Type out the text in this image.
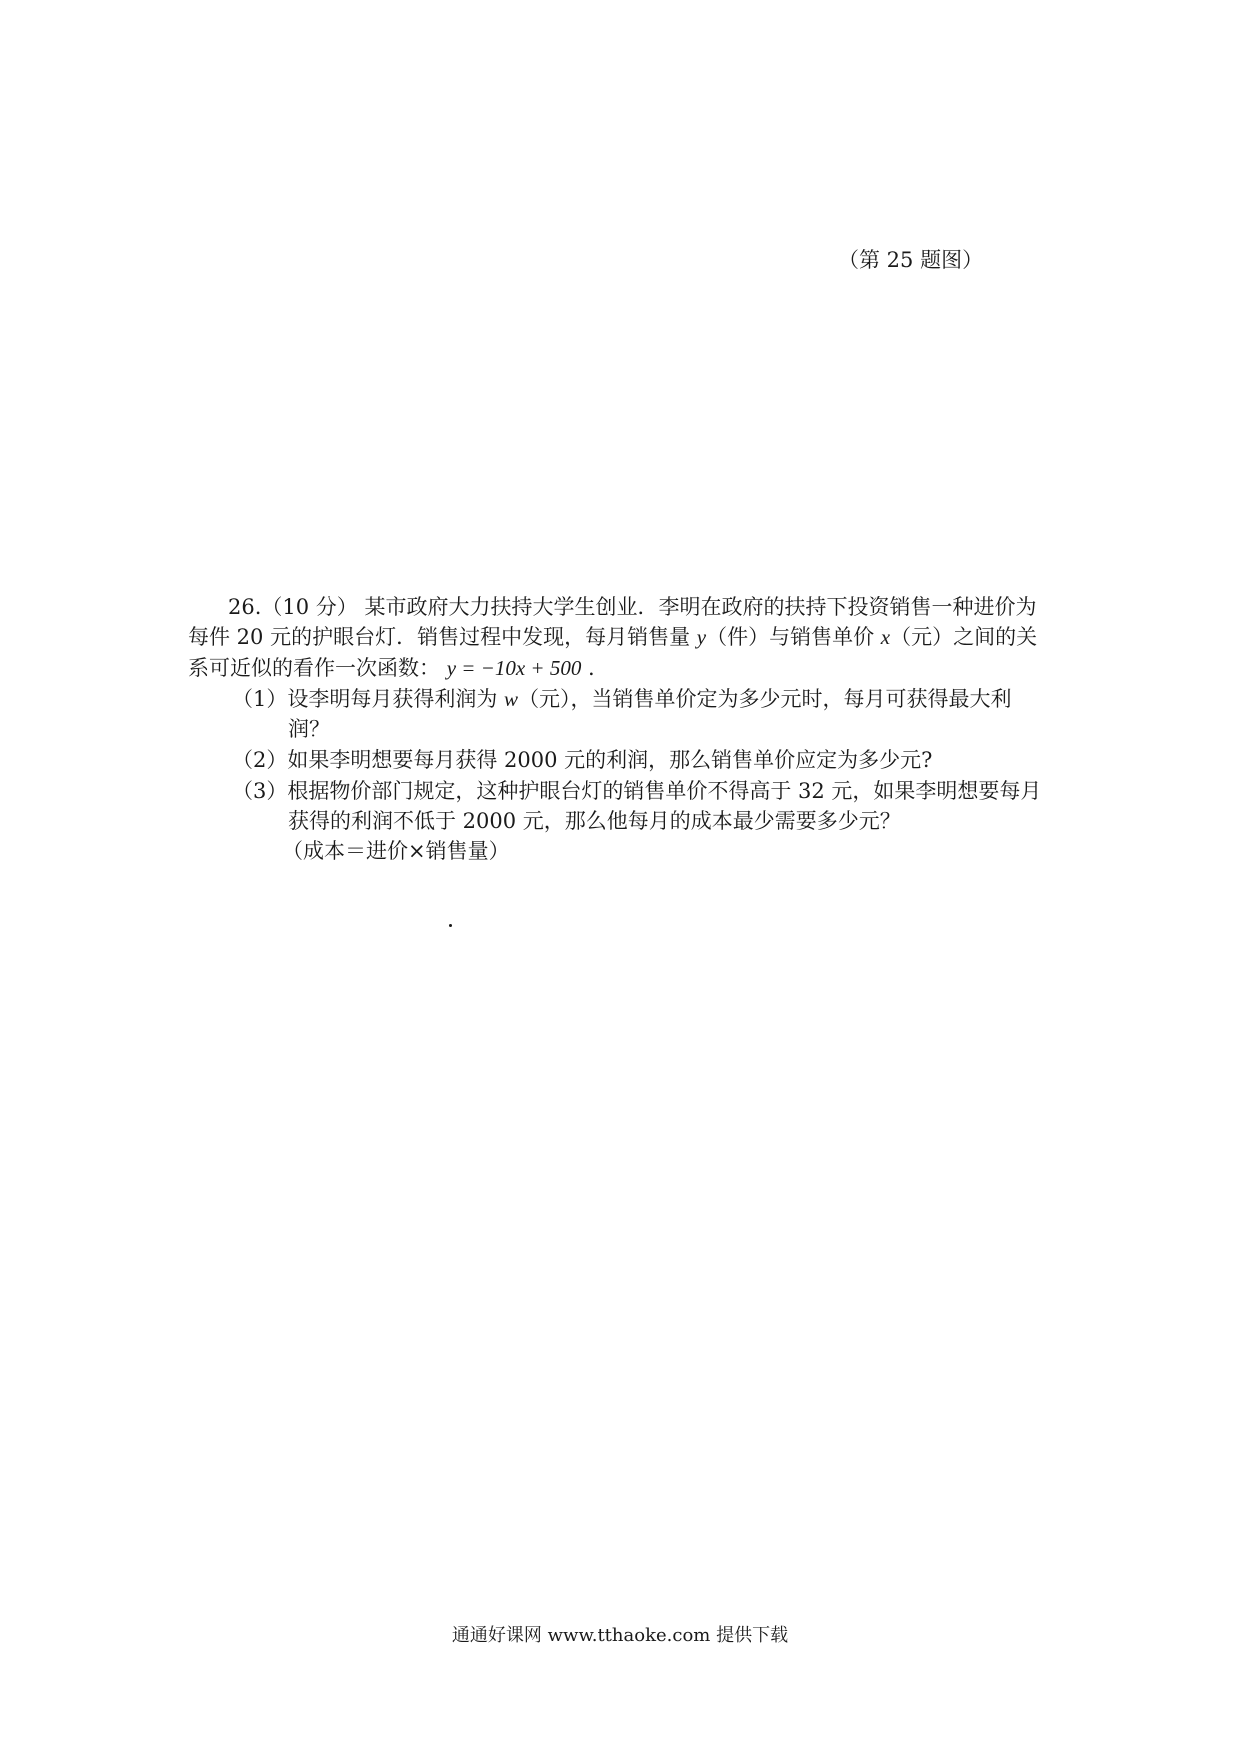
（第 25 题图）
26.（10 分） 某市政府大力扶持大学生创业．李明在政府的扶持下投资销售一种进价为
每件 20 元的护眼台灯．销售过程中发现，每月销售量 y（件）与销售单价 x（元）之间的关
系可近似的看作一次函数： y = −10x + 500 .
（1）设李明每月获得利润为 w（元），当销售单价定为多少元时，每月可获得最大利
润？
（2）如果李明想要每月获得 2000 元的利润，那么销售单价应定为多少元?
（3）根据物价部门规定，这种护眼台灯的销售单价不得高于 32 元，如果李明想要每月
获得的利润不低于 2000 元，那么他每月的成本最少需要多少元？
（成本＝进价×销售量）
通通好课网 www.tthaoke.com 提供下载
